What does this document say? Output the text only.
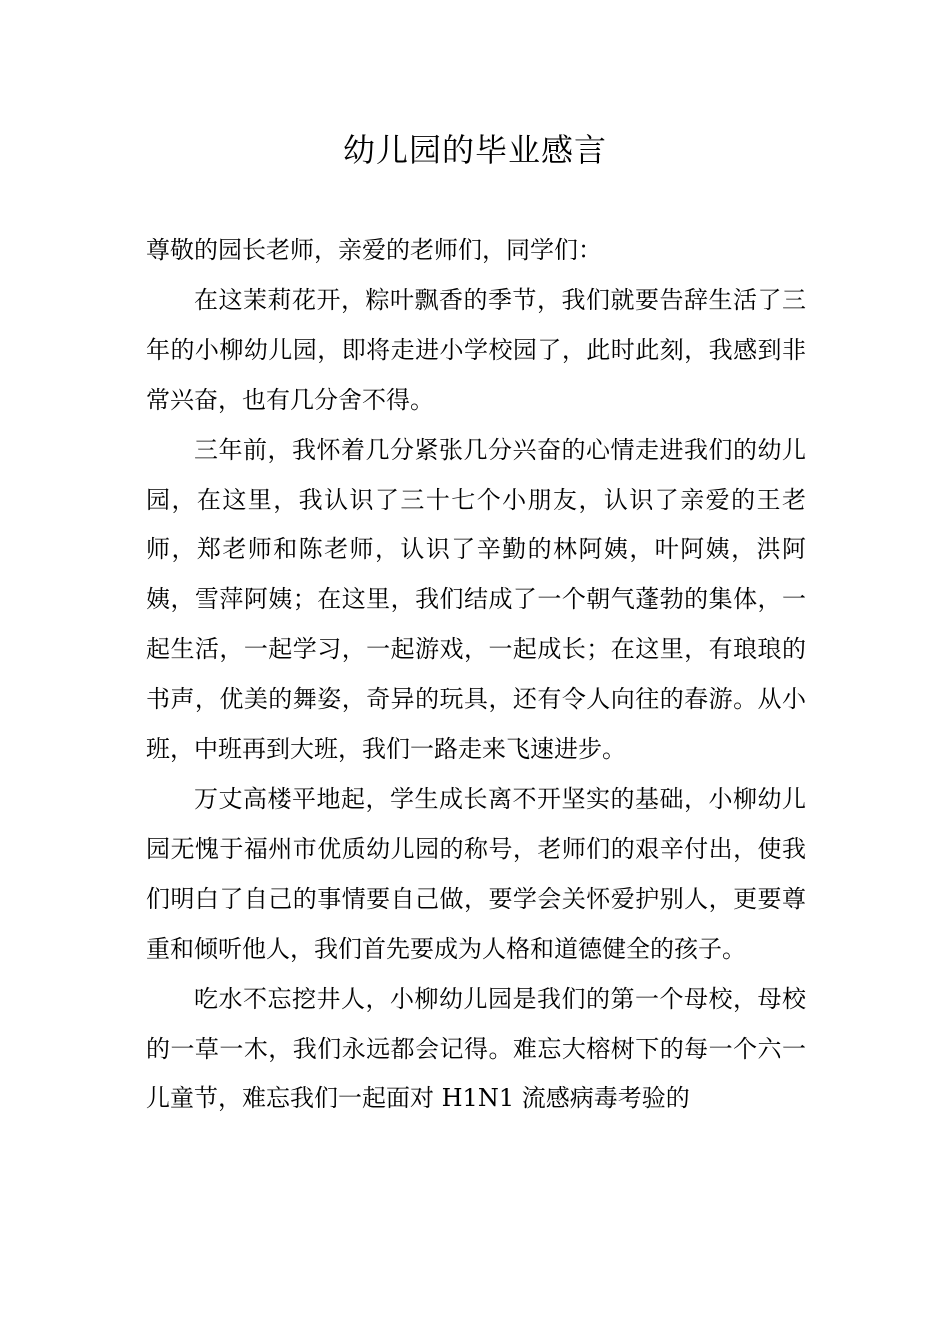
幼儿园的毕业感言

尊敬的园长老师，亲爱的老师们，同学们：

在这茉莉花开，粽叶飘香的季节，我们就要告辞生活了三年的小柳幼儿园，即将走进小学校园了，此时此刻，我感到非常兴奋，也有几分舍不得。

三年前，我怀着几分紧张几分兴奋的心情走进我们的幼儿园，在这里，我认识了三十七个小朋友，认识了亲爱的王老师，郑老师和陈老师，认识了辛勤的林阿姨，叶阿姨，洪阿姨，雪萍阿姨；在这里，我们结成了一个朝气蓬勃的集体，一起生活，一起学习，一起游戏，一起成长；在这里，有琅琅的书声，优美的舞姿，奇异的玩具，还有令人向往的春游。从小班，中班再到大班，我们一路走来飞速进步。

万丈高楼平地起，学生成长离不开坚实的基础，小柳幼儿园无愧于福州市优质幼儿园的称号，老师们的艰辛付出，使我们明白了自己的事情要自己做，要学会关怀爱护别人，更要尊重和倾听他人，我们首先要成为人格和道德健全的孩子。

吃水不忘挖井人，小柳幼儿园是我们的第一个母校，母校的一草一木，我们永远都会记得。难忘大榕树下的每一个六一儿童节，难忘我们一起面对 H1N1 流感病毒考验的
